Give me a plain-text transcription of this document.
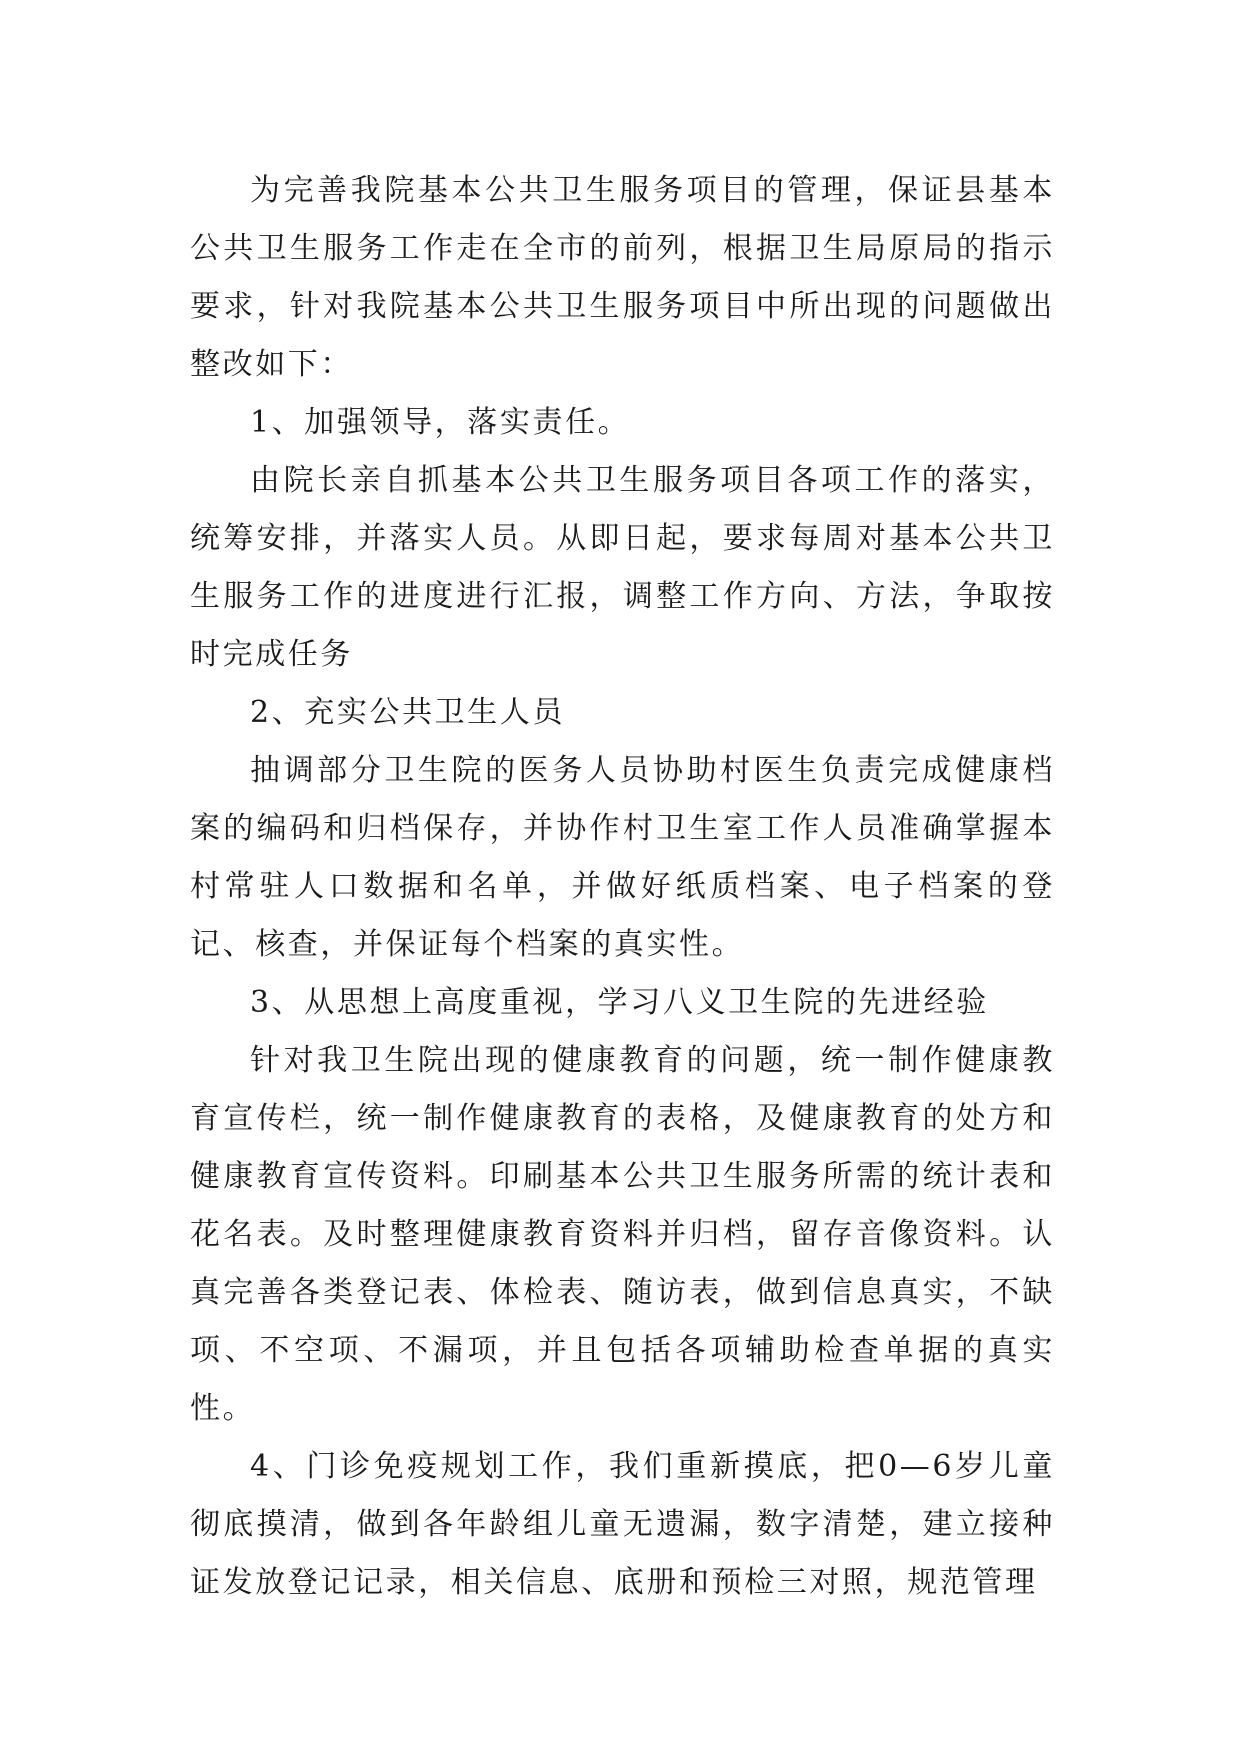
为完善我院基本公共卫生服务项目的管理，保证县基本公共卫生服务工作走在全市的前列，根据卫生局原局的指示要求，针对我院基本公共卫生服务项目中所出现的问题做出整改如下：

1、加强领导，落实责任。

由院长亲自抓基本公共卫生服务项目各项工作的落实，统筹安排，并落实人员。从即日起，要求每周对基本公共卫生服务工作的进度进行汇报，调整工作方向、方法，争取按时完成任务

2、充实公共卫生人员

抽调部分卫生院的医务人员协助村医生负责完成健康档案的编码和归档保存，并协作村卫生室工作人员准确掌握本村常驻人口数据和名单，并做好纸质档案、电子档案的登记、核查，并保证每个档案的真实性。

3、从思想上高度重视，学习八义卫生院的先进经验

针对我卫生院出现的健康教育的问题，统一制作健康教育宣传栏，统一制作健康教育的表格，及健康教育的处方和健康教育宣传资料。印刷基本公共卫生服务所需的统计表和花名表。及时整理健康教育资料并归档，留存音像资料。认真完善各类登记表、体检表、随访表，做到信息真实，不缺项、不空项、不漏项，并且包括各项辅助检查单据的真实性。

4、门诊免疫规划工作，我们重新摸底，把0—6岁儿童彻底摸清，做到各年龄组儿童无遗漏，数字清楚，建立接种证发放登记记录，相关信息、底册和预检三对照，规范管理
